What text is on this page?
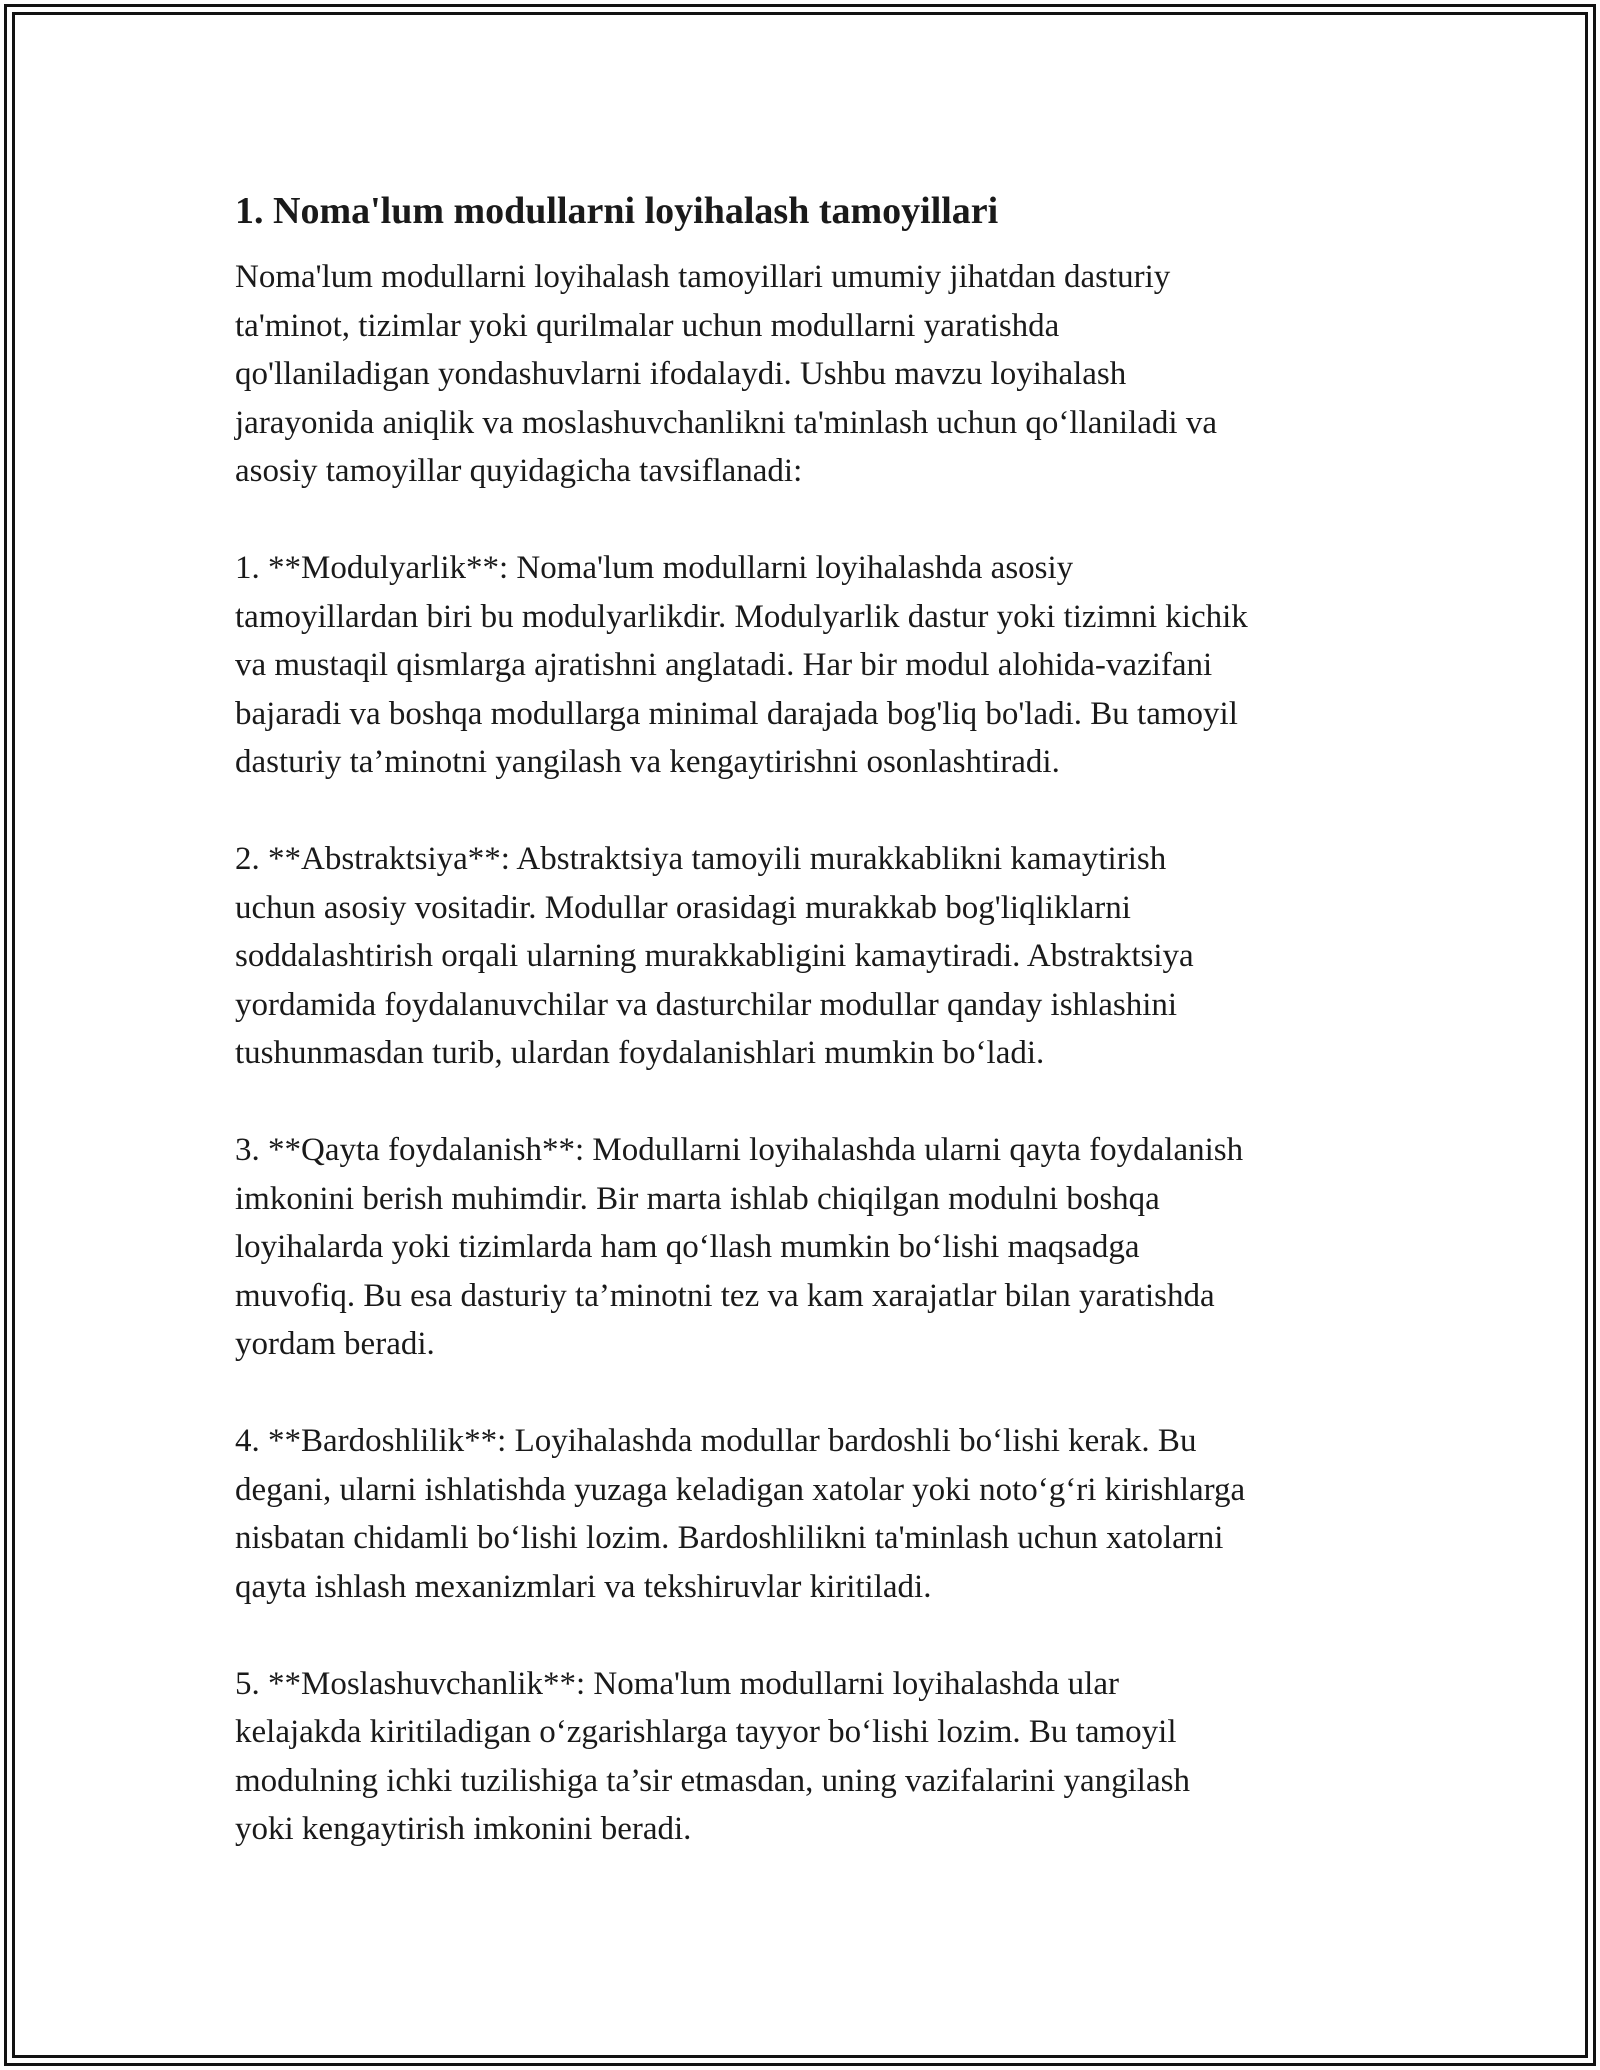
1. Noma'lum modullarni loyihalash tamoyillari

Noma'lum modullarni loyihalash tamoyillari umumiy jihatdan dasturiy
ta'minot, tizimlar yoki qurilmalar uchun modullarni yaratishda
qo'llaniladigan yondashuvlarni ifodalaydi. Ushbu mavzu loyihalash
jarayonida aniqlik va moslashuvchanlikni ta'minlash uchun qo‘llaniladi va
asosiy tamoyillar quyidagicha tavsiflanadi:

1. **Modulyarlik**: Noma'lum modullarni loyihalashda asosiy
tamoyillardan biri bu modulyarlikdir. Modulyarlik dastur yoki tizimni kichik
va mustaqil qismlarga ajratishni anglatadi. Har bir modul alohida-vazifani
bajaradi va boshqa modullarga minimal darajada bog'liq bo'ladi. Bu tamoyil
dasturiy ta’minotni yangilash va kengaytirishni osonlashtiradi.

2. **Abstraktsiya**: Abstraktsiya tamoyili murakkablikni kamaytirish
uchun asosiy vositadir. Modullar orasidagi murakkab bog'liqliklarni
soddalashtirish orqali ularning murakkabligini kamaytiradi. Abstraktsiya
yordamida foydalanuvchilar va dasturchilar modullar qanday ishlashini
tushunmasdan turib, ulardan foydalanishlari mumkin bo‘ladi.

3. **Qayta foydalanish**: Modullarni loyihalashda ularni qayta foydalanish
imkonini berish muhimdir. Bir marta ishlab chiqilgan modulni boshqa
loyihalarda yoki tizimlarda ham qo‘llash mumkin bo‘lishi maqsadga
muvofiq. Bu esa dasturiy ta’minotni tez va kam xarajatlar bilan yaratishda
yordam beradi.

4. **Bardoshlilik**: Loyihalashda modullar bardoshli bo‘lishi kerak. Bu
degani, ularni ishlatishda yuzaga keladigan xatolar yoki noto‘g‘ri kirishlarga
nisbatan chidamli bo‘lishi lozim. Bardoshlilikni ta'minlash uchun xatolarni
qayta ishlash mexanizmlari va tekshiruvlar kiritiladi.

5. **Moslashuvchanlik**: Noma'lum modullarni loyihalashda ular
kelajakda kiritiladigan o‘zgarishlarga tayyor bo‘lishi lozim. Bu tamoyil
modulning ichki tuzilishiga ta’sir etmasdan, uning vazifalarini yangilash
yoki kengaytirish imkonini beradi.
